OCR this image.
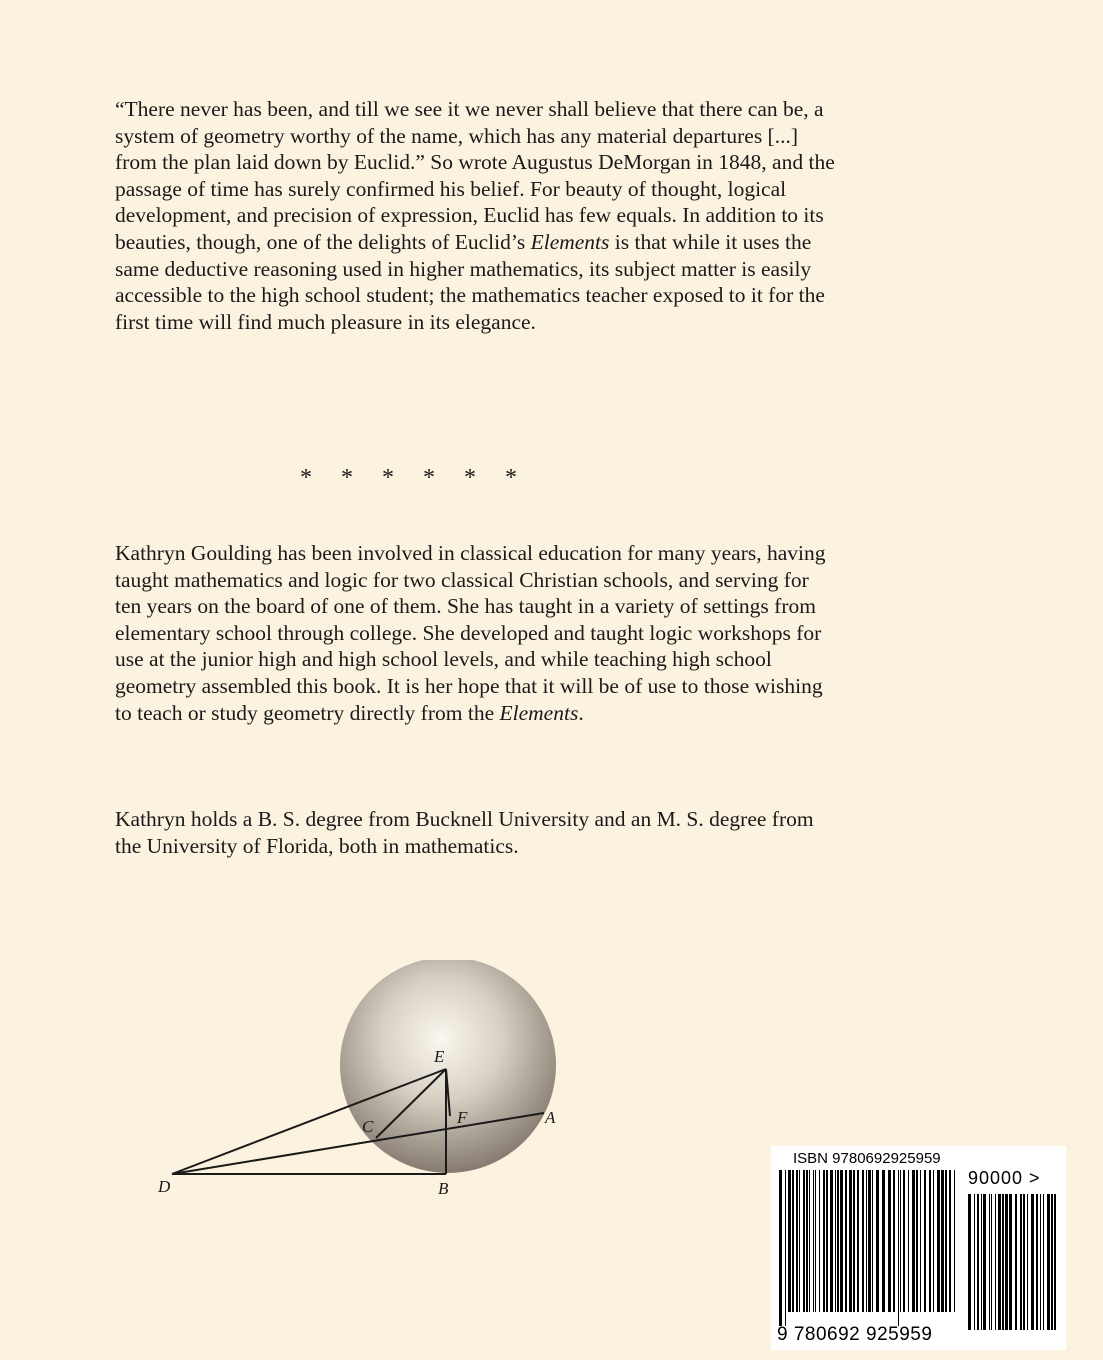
“There never has been, and till we see it we never shall believe that there can be, a system of geometry worthy of the name, which has any material departures [...] from the plan laid down by Euclid.” So wrote Augustus DeMorgan in 1848, and the passage of time has surely confirmed his belief. For beauty of thought, logical development, and precision of expression, Euclid has few equals. In addition to its beauties, though, one of the delights of Euclid’s Elements is that while it uses the same deductive reasoning used in higher mathematics, its subject matter is easily accessible to the high school student; the mathematics teacher exposed to it for the first time will find much pleasure in its elegance.

* * * * * *

Kathryn Goulding has been involved in classical education for many years, having taught mathematics and logic for two classical Christian schools, and serving for ten years on the board of one of them. She has taught in a variety of settings from elementary school through college. She developed and taught logic workshops for use at the junior high and high school levels, and while teaching high school geometry assembled this book. It is her hope that it will be of use to those wishing to teach or study geometry directly from the Elements.

Kathryn holds a B. S. degree from Bucknell University and an M. S. degree from the University of Florida, both in mathematics.

E
F	A
C
D	B
ISBN 9780692925959
90000 >
9 780692 925959
